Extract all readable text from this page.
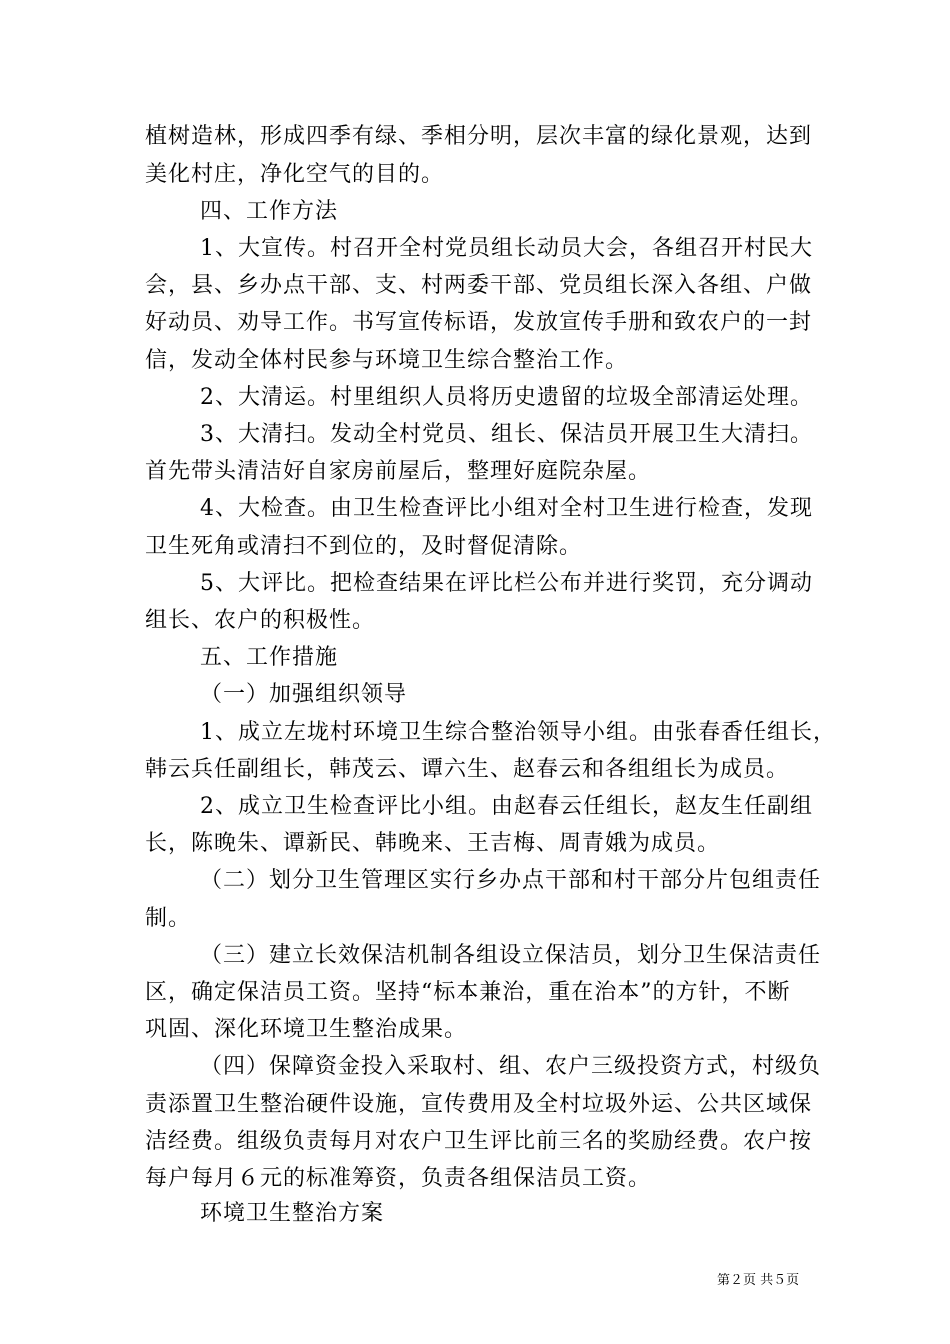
植树造林，形成四季有绿、季相分明，层次丰富的绿化景观，达到
美化村庄，净化空气的目的。
四、工作方法
1、大宣传。村召开全村党员组长动员大会，各组召开村民大
会，县、乡办点干部、支、村两委干部、党员组长深入各组、户做
好动员、劝导工作。书写宣传标语，发放宣传手册和致农户的一封
信，发动全体村民参与环境卫生综合整治工作。
2、大清运。村里组织人员将历史遗留的垃圾全部清运处理。
3、大清扫。发动全村党员、组长、保洁员开展卫生大清扫。
首先带头清洁好自家房前屋后，整理好庭院杂屋。
4、大检查。由卫生检查评比小组对全村卫生进行检查，发现
卫生死角或清扫不到位的，及时督促清除。
5、大评比。把检查结果在评比栏公布并进行奖罚，充分调动
组长、农户的积极性。
五、工作措施
（一）加强组织领导
1、成立左垅村环境卫生综合整治领导小组。由张春香任组长，
韩云兵任副组长，韩茂云、谭六生、赵春云和各组组长为成员。
2、成立卫生检查评比小组。由赵春云任组长，赵友生任副组
长，陈晚朱、谭新民、韩晚来、王吉梅、周青娥为成员。
（二）划分卫生管理区实行乡办点干部和村干部分片包组责任
制。
（三）建立长效保洁机制各组设立保洁员，划分卫生保洁责任
区，确定保洁员工资。坚持“标本兼治，重在治本”的方针，不断
巩固、深化环境卫生整治成果。
（四）保障资金投入采取村、组、农户三级投资方式，村级负
责添置卫生整治硬件设施，宣传费用及全村垃圾外运、公共区域保
洁经费。组级负责每月对农户卫生评比前三名的奖励经费。农户按
每户每月６元的标准筹资，负责各组保洁员工资。
环境卫生整治方案
第２页 共５页
